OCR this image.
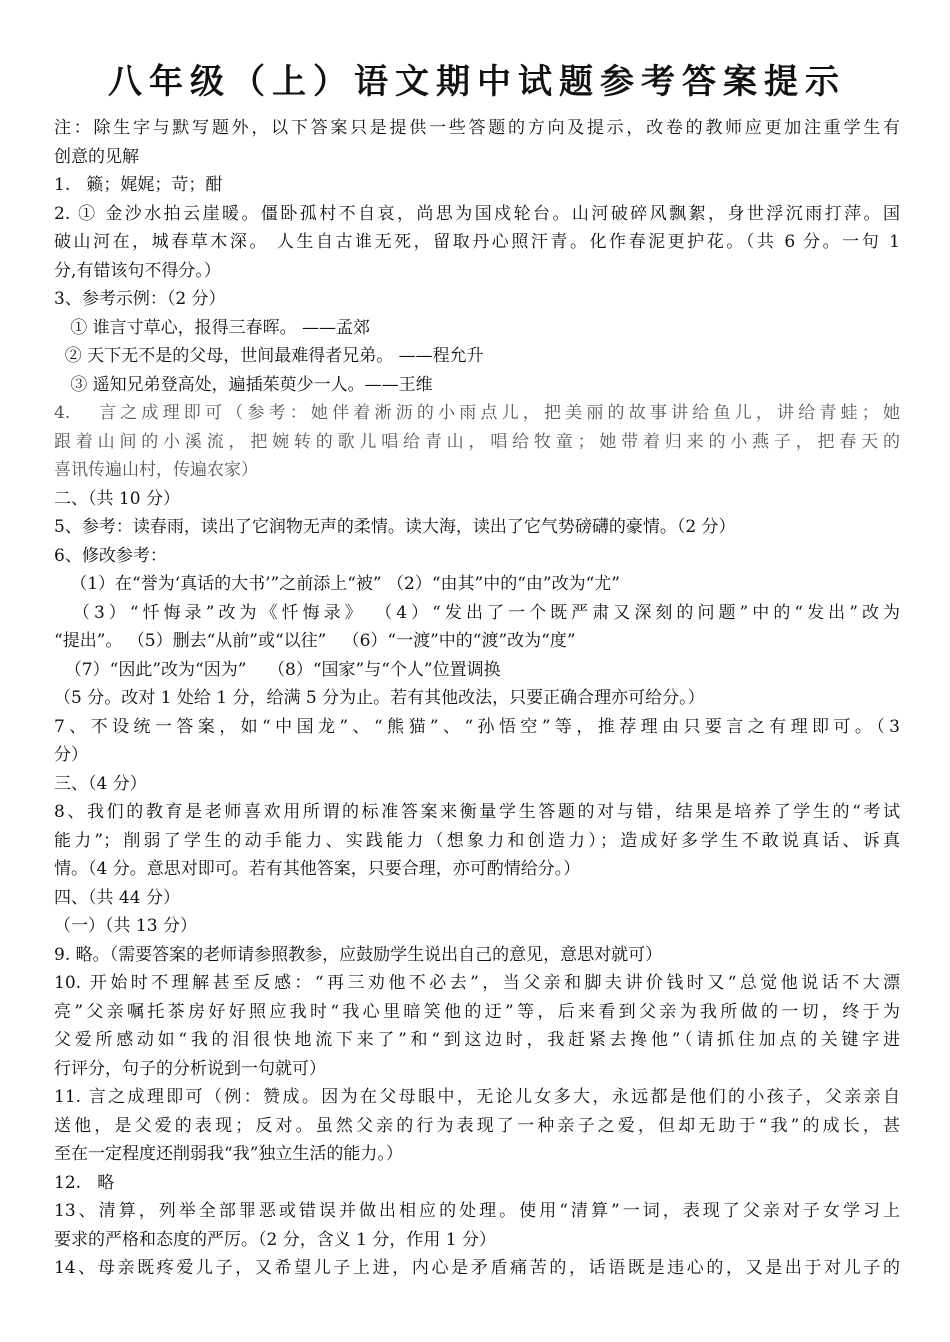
八年级（上）语文期中试题参考答案提示
注：除生字与默写题外，以下答案只是提供一些答题的方向及提示，改卷的教师应更加注重学生有
创意的见解
1.   籁；娓娓；苛；酣
2. ① 金沙水拍云崖暖。僵卧孤村不自哀，尚思为国戍轮台。山河破碎风飘絮，身世浮沉雨打萍。国
破山河在，城春草木深。 人生自古谁无死，留取丹心照汗青。化作春泥更护花。（共 6 分。一句 1
分,有错该句不得分。）
3、参考示例：（2 分）
① 谁言寸草心，报得三春晖。 ——孟郊
② 天下无不是的父母，世间最难得者兄弟。 ——程允升
③ 遥知兄弟登高处，遍插茱萸少一人。——王维
4.   言之成理即可（参考：她伴着淅沥的小雨点儿，把美丽的故事讲给鱼儿，讲给青蛙；她
跟着山间的小溪流，把婉转的歌儿唱给青山，唱给牧童；她带着归来的小燕子，把春天的
喜讯传遍山村，传遍农家）
二、（共 10 分）
5、参考：读春雨，读出了它润物无声的柔情。读大海，读出了它气势磅礴的豪情。（2 分）
6、修改参考：
（1）在“誉为‘真话的大书’”之前添上“被” （2）“由其”中的“由”改为“尤”
（3）“忏悔录”改为《忏悔录》 （4）“发出了一个既严肃又深刻的问题”中的“发出”改为
“提出”。 （5）删去“从前”或“以往”   （6）“一渡”中的“渡”改为“度”
（7）“因此”改为“因为”    （8）“国家”与“个人”位置调换
（5 分。改对 1 处给 1 分，给满 5 分为止。若有其他改法，只要正确合理亦可给分。）
7、不设统一答案，如“中国龙”、“熊猫”、“孙悟空”等，推荐理由只要言之有理即可。（3
分）
三、（4 分）
8、我们的教育是老师喜欢用所谓的标准答案来衡量学生答题的对与错，结果是培养了学生的“考试
能力”；削弱了学生的动手能力、实践能力（想象力和创造力）；造成好多学生不敢说真话、诉真
情。（4 分。意思对即可。若有其他答案，只要合理，亦可酌情给分。）
四、（共 44 分）
（一）（共 13 分）
9. 略。（需要答案的老师请参照教参，应鼓励学生说出自己的意见，意思对就可）
10. 开始时不理解甚至反感：“再三劝他不必去”，当父亲和脚夫讲价钱时又“总觉他说话不大漂
亮”父亲嘱托茶房好好照应我时“我心里暗笑他的迂”等，后来看到父亲为我所做的一切，终于为
父爱所感动如“我的泪很快地流下来了”和“到这边时，我赶紧去搀他”（请抓住加点的关键字进
行评分，句子的分析说到一句就可）
11. 言之成理即可（例：赞成。因为在父母眼中，无论儿女多大，永远都是他们的小孩子，父亲亲自
送他，是父爱的表现；反对。虽然父亲的行为表现了一种亲子之爱，但却无助于“我”的成长，甚
至在一定程度还削弱我“我”独立生活的能力。）
12.   略
13、清算，列举全部罪恶或错误并做出相应的处理。使用“清算”一词，表现了父亲对子女学习上
要求的严格和态度的严厉。（2 分，含义 1 分，作用 1 分）
14、母亲既疼爱儿子，又希望儿子上进，内心是矛盾痛苦的，话语既是违心的，又是出于对儿子的
